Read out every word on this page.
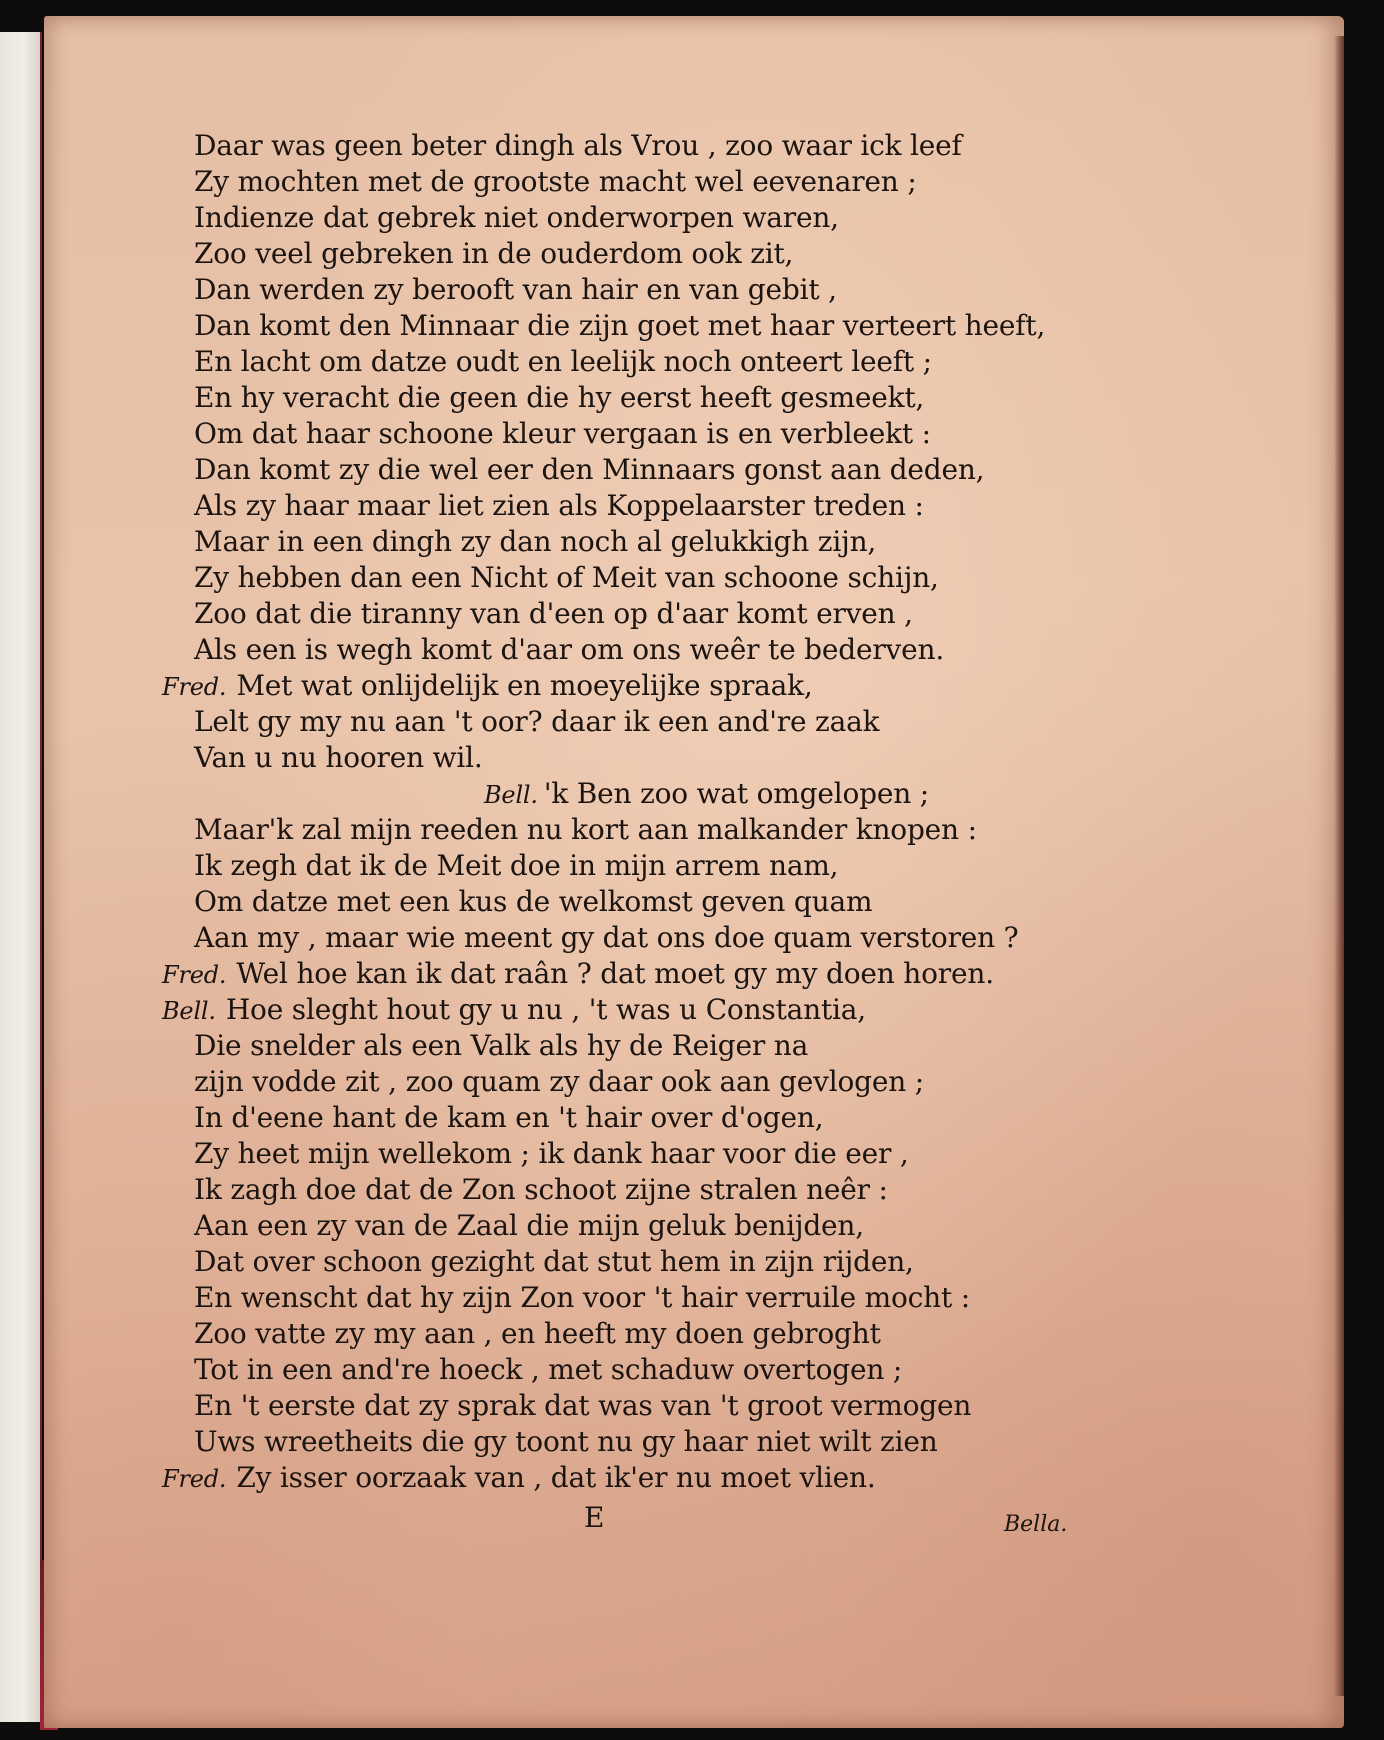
Daar was geen beter dingh als Vrou , zoo waar ick leef
Zy mochten met de grootste macht wel eevenaren ;
Indienze dat gebrek niet onderworpen waren,
Zoo veel gebreken in de ouderdom ook zit,
Dan werden zy berooft van hair en van gebit ,
Dan komt den Minnaar die zijn goet met haar verteert heeft,
En lacht om datze oudt en leelijk noch onteert leeft ;
En hy veracht die geen die hy eerst heeft gesmeekt,
Om dat haar schoone kleur vergaan is en verbleekt :
Dan komt zy die wel eer den Minnaars gonst aan deden,
Als zy haar maar liet zien als Koppelaarster treden :
Maar in een dingh zy dan noch al gelukkigh zijn,
Zy hebben dan een Nicht of Meit van schoone schijn,
Zoo dat die tiranny van d'een op d'aar komt erven ,
Als een is wegh komt d'aar om ons weêr te bederven.
Fred. Met wat onlijdelijk en moeyelijke spraak,
Lelt gy my nu aan 't oor? daar ik een and're zaak
Van u nu hooren wil.
Bell. 'k Ben zoo wat omgelopen ;
Maar'k zal mijn reeden nu kort aan malkander knopen :
Ik zegh dat ik de Meit doe in mijn arrem nam,
Om datze met een kus de welkomst geven quam
Aan my , maar wie meent gy dat ons doe quam verstoren ?
Fred. Wel hoe kan ik dat raân ? dat moet gy my doen horen.
Bell. Hoe sleght hout gy u nu , 't was u Constantia,
Die snelder als een Valk als hy de Reiger na
zijn vodde zit , zoo quam zy daar ook aan gevlogen ;
In d'eene hant de kam en 't hair over d'ogen,
Zy heet mijn wellekom ; ik dank haar voor die eer ,
Ik zagh doe dat de Zon schoot zijne stralen neêr :
Aan een zy van de Zaal die mijn geluk benijden,
Dat over schoon gezight dat stut hem in zijn rijden,
En wenscht dat hy zijn Zon voor 't hair verruile mocht :
Zoo vatte zy my aan , en heeft my doen gebroght
Tot in een and're hoeck , met schaduw overtogen ;
En 't eerste dat zy sprak dat was van 't groot vermogen
Uws wreetheits die gy toont nu gy haar niet wilt zien
Fred. Zy isser oorzaak van , dat ik'er nu moet vlien.
E	Bella.
